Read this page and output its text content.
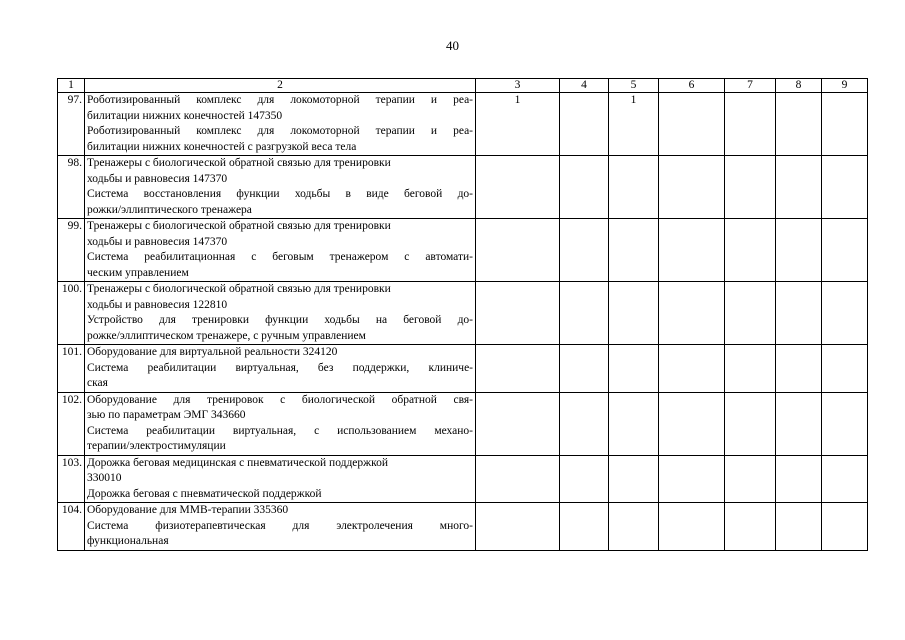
40
1	2	3	4	5	6	7	8	9
97.	Роботизированный комплекс для локомоторной терапии и реа-
билитации нижних конечностей 147350
Роботизированный комплекс для локомоторной терапии и реа-
билитации нижних конечностей с разгрузкой веса тела	1		1				
98.	Тренажеры с биологической обратной связью для тренировки
ходьбы и равновесия 147370
Система восстановления функции ходьбы в виде беговой до-
рожки/эллиптического тренажера							

99.	Тренажеры с биологической обратной связью для тренировки
ходьбы и равновесия 147370
Система реабилитационная с беговым тренажером с автомати-
ческим управлением							

100.	Тренажеры с биологической обратной связью для тренировки
ходьбы и равновесия 122810
Устройство для тренировки функции ходьбы на беговой до-
рожке/эллиптическом тренажере, с ручным управлением							

101.	Оборудование для виртуальной реальности 324120
Система реабилитации виртуальная, без поддержки, клиниче-
ская							

102.	Оборудование для тренировок с биологической обратной свя-
зью по параметрам ЭМГ 343660
Система реабилитации виртуальная, с использованием механо-
терапии/электростимуляции							

103.	Дорожка беговая медицинская с пневматической поддержкой
330010
Дорожка беговая с пневматической поддержкой							

104.	Оборудование для ММВ-терапии 335360
Система физиотерапевтическая для электролечения много-
функциональная							
